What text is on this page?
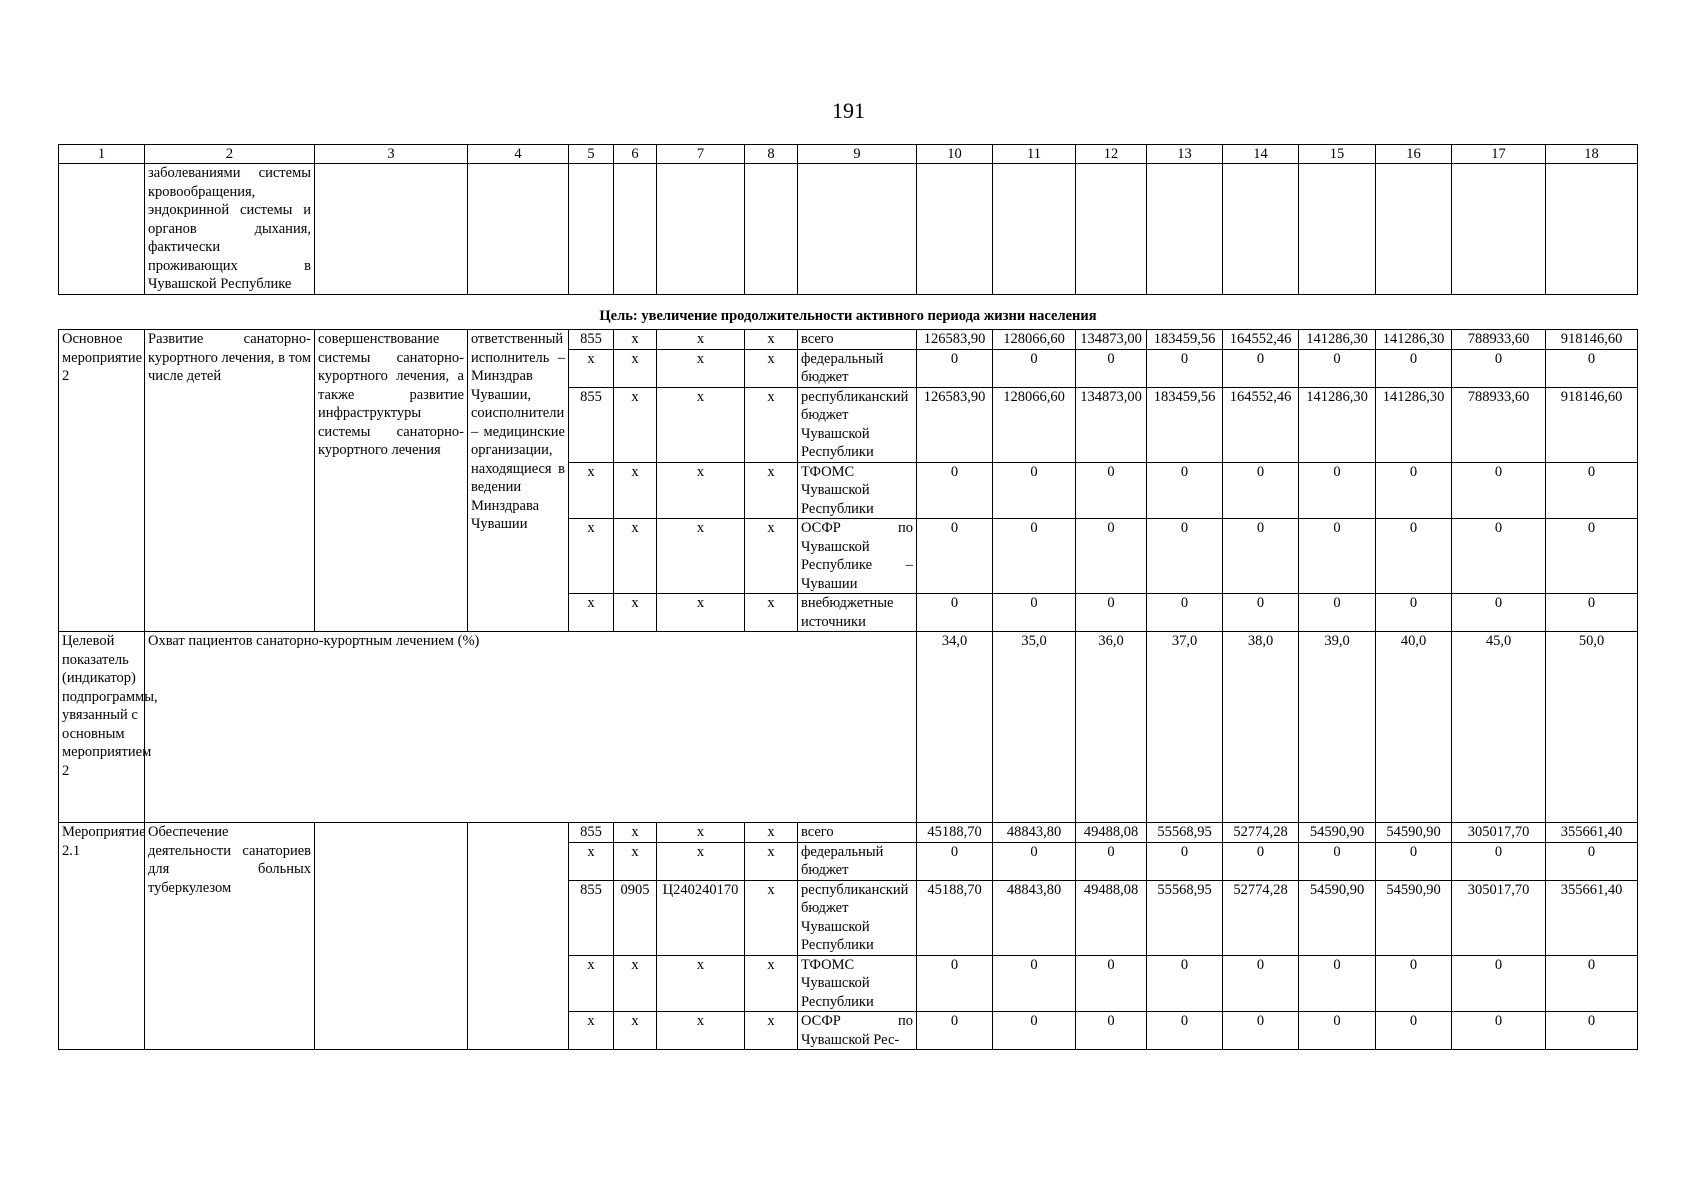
191
1	2	3	4	5	6	7	8	9	10	11	12	13	14	15	16	17	18
	заболеваниями системы кровообращения, эндокринной системы и органов дыхания, фактически проживающих в Чувашской Республике																
Цель: увеличение продолжительности активного периода жизни населения																	
Основное мероприятие 2	Развитие санаторно-курортного лечения, в том числе детей	совершенствование системы санаторно-курортного лечения, а также развитие инфраструктуры системы санаторно-курортного лечения	ответственный исполнитель – Минздрав Чувашии, соисполнители – медицинские организации, находящиеся в ведении Минздрава Чувашии	855	x	x	x	всего	126583,90	128066,60	134873,00	183459,56	164552,46	141286,30	141286,30	788933,60	918146,60
				x	x	x	x	федеральный бюджет	0	0	0	0	0	0	0	0	0
				855	x	x	x	республиканский бюджет Чувашской Республики	126583,90	128066,60	134873,00	183459,56	164552,46	141286,30	141286,30	788933,60	918146,60
				x	x	x	x	ТФОМС Чувашской Республики	0	0	0	0	0	0	0	0	0
				x	x	x	x	ОСФР по Чувашской Республике – Чувашии	0	0	0	0	0	0	0	0	0
				x	x	x	x	внебюджетные источники	0	0	0	0	0	0	0	0	0
Целевой показатель (индикатор) подпрограммы, увязанный с основным мероприятием 2	Охват пациентов санаторно-курортным лечением (%)								34,0	35,0	36,0	37,0	38,0	39,0	40,0	45,0	50,0
Мероприятие 2.1	Обеспечение деятельности санаториев для больных туберкулезом			855	x	x	x	всего	45188,70	48843,80	49488,08	55568,95	52774,28	54590,90	54590,90	305017,70	355661,40
				x	x	x	x	федеральный бюджет	0	0	0	0	0	0	0	0	0
				855	0905	Ц240240170	x	республиканский бюджет Чувашской Республики	45188,70	48843,80	49488,08	55568,95	52774,28	54590,90	54590,90	305017,70	355661,40
				x	x	x	x	ТФОМС Чувашской Республики	0	0	0	0	0	0	0	0	0
				x	x	x	x	ОСФР по Чувашской Рес-	0	0	0	0	0	0	0	0	0
